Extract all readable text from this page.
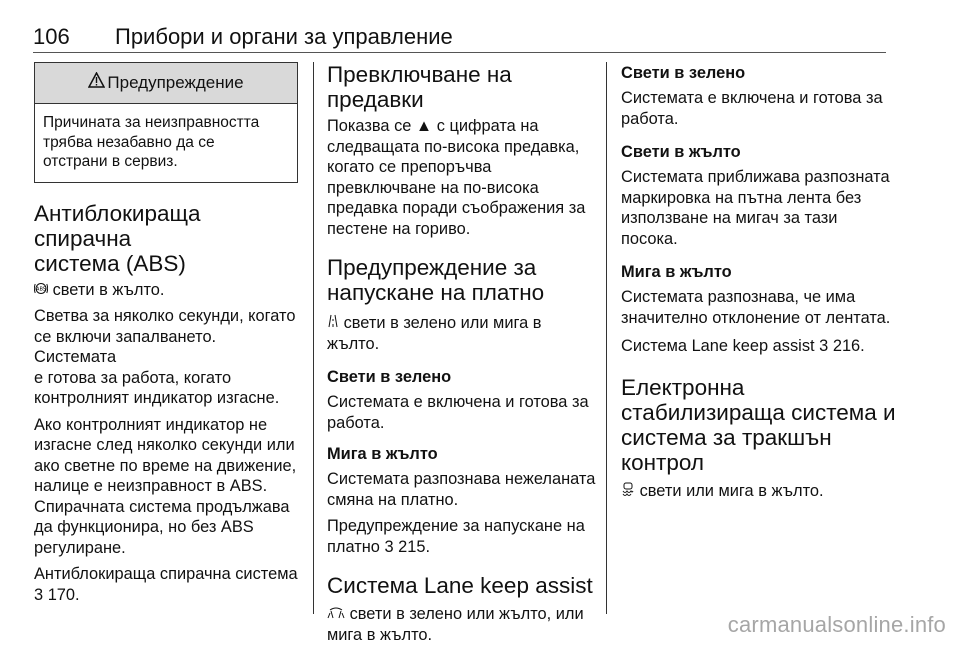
106 Прибори и органи за управление
Предупреждение
Причината за неизправността
трябва незабавно да се
отстрани в сервиз.
Антиблокираща спирачна
система (ABS)

ABS свети в жълто.

Светва за няколко секунди, когато
се включи запалването. Системата
е готова за работа, когато
контролният индикатор изгасне.

Ако контролният индикатор не
изгасне след няколко секунди или
ако светне по време на движение,
налице е неизправност в ABS.
Спирачната система продължава
да функционира, но без ABS
регулиране.

Антиблокираща спирачна система
3 170.

Превключване на
предавки

Показва се ▲ с цифрата на
следващата по-висока предавка,
когато се препоръчва
превключване на по-висока
предавка поради съображения за
пестене на гориво.

Предупреждение за
напускане на платно

свети в зелено или мига в жълто.

Свети в зелено

Системата е включена и готова за
работа.

Мига в жълто

Системата разпознава нежеланата
смяна на платно.

Предупреждение за напускане на
платно 3 215.

Система Lane keep assist

свети в зелено или жълто, или
мига в жълто.

Свети в зелено

Системата е включена и готова за
работа.

Свети в жълто

Системата приближава разпозната
маркировка на пътна лента без
използване на мигач за тази
посока.

Мига в жълто

Системата разпознава, че има
значително отклонение от лентата.

Система Lane keep assist 3 216.

Електронна
стабилизираща система и
система за тракшън
контрол

свети или мига в жълто.

carmanualsonline.info
